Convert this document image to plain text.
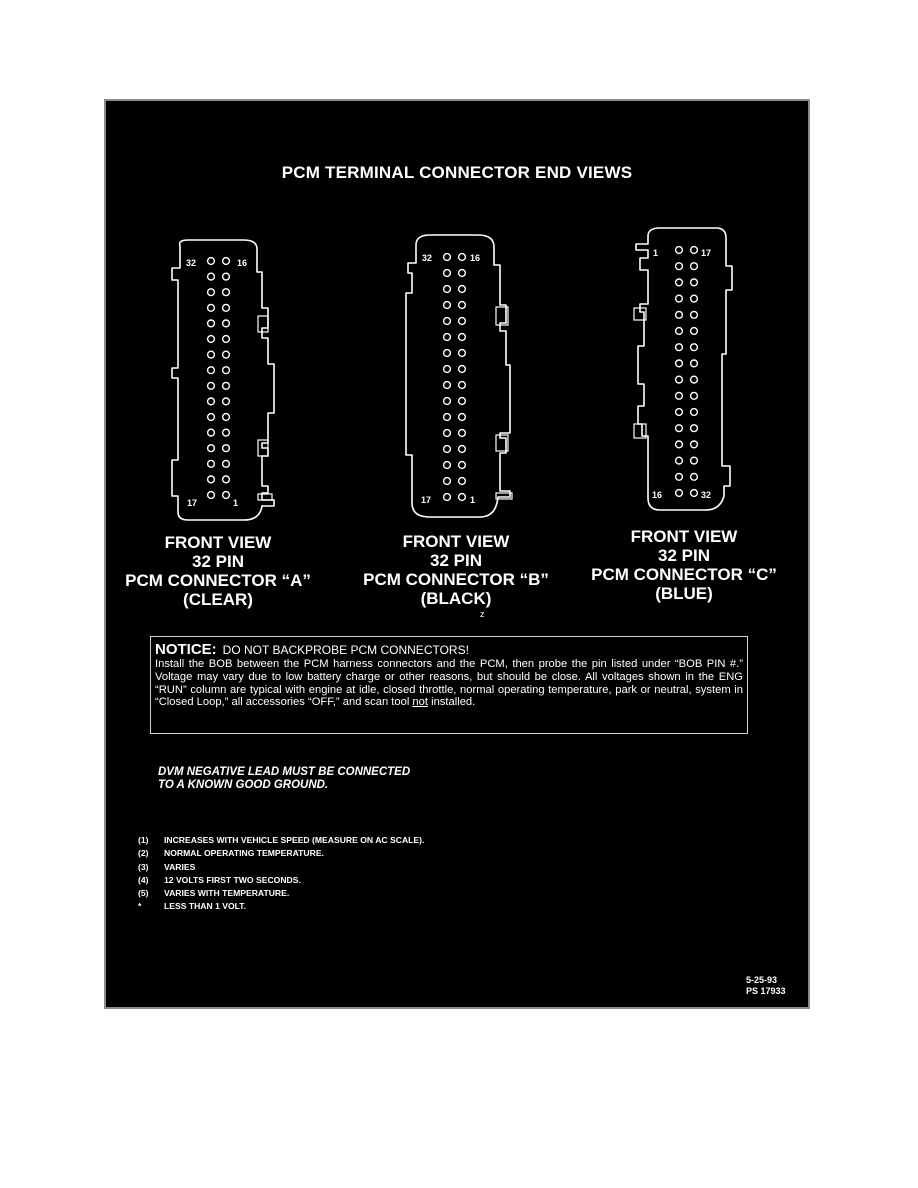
PCM TERMINAL CONNECTOR END VIEWS
32	16
17	1
32	16
17	1
1	17
16	32
FRONT VIEW
32 PIN
PCM CONNECTOR “A”
(CLEAR)
FRONT VIEW
32 PIN
PCM CONNECTOR “B”
(BLACK)
FRONT VIEW
32 PIN
PCM CONNECTOR “C”
(BLUE)
z
NOTICE: DO NOT BACKPROBE PCM CONNECTORS!
Install the BOB between the PCM harness connectors and the PCM, then probe the pin listed under “BOB PIN #.” Voltage may vary due to low battery charge or other reasons, but should be close. All voltages shown in the ENG “RUN” column are typical with engine at idle, closed throttle, normal operating temperature, park or neutral, system in “Closed Loop,” all accessories “OFF,” and scan tool not installed.
DVM NEGATIVE LEAD MUST BE CONNECTED
TO A KNOWN GOOD GROUND.
(1) INCREASES WITH VEHICLE SPEED (MEASURE ON AC SCALE).
(2) NORMAL OPERATING TEMPERATURE.
(3) VARIES
(4) 12 VOLTS FIRST TWO SECONDS.
(5) VARIES WITH TEMPERATURE.
*	LESS THAN 1 VOLT.
5-25-93
PS 17933
